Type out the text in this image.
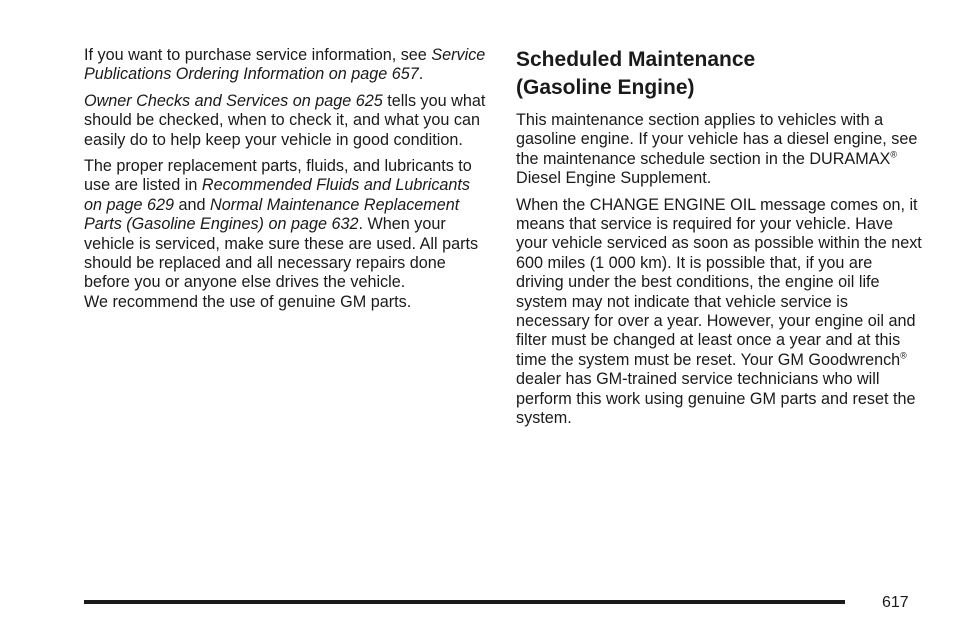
If you want to purchase service information, see Service Publications Ordering Information on page 657.

Owner Checks and Services on page 625 tells you what should be checked, when to check it, and what you can easily do to help keep your vehicle in good condition.

The proper replacement parts, fluids, and lubricants to use are listed in Recommended Fluids and Lubricants on page 629 and Normal Maintenance Replacement Parts (Gasoline Engines) on page 632. When your vehicle is serviced, make sure these are used. All parts should be replaced and all necessary repairs done before you or anyone else drives the vehicle.
We recommend the use of genuine GM parts.

Scheduled Maintenance
(Gasoline Engine)

This maintenance section applies to vehicles with a gasoline engine. If your vehicle has a diesel engine, see the maintenance schedule section in the DURAMAX® Diesel Engine Supplement.

When the CHANGE ENGINE OIL message comes on, it means that service is required for your vehicle. Have your vehicle serviced as soon as possible within the next 600 miles (1 000 km). It is possible that, if you are driving under the best conditions, the engine oil life system may not indicate that vehicle service is necessary for over a year. However, your engine oil and filter must be changed at least once a year and at this time the system must be reset. Your GM Goodwrench® dealer has GM-trained service technicians who will perform this work using genuine GM parts and reset the system.

617
